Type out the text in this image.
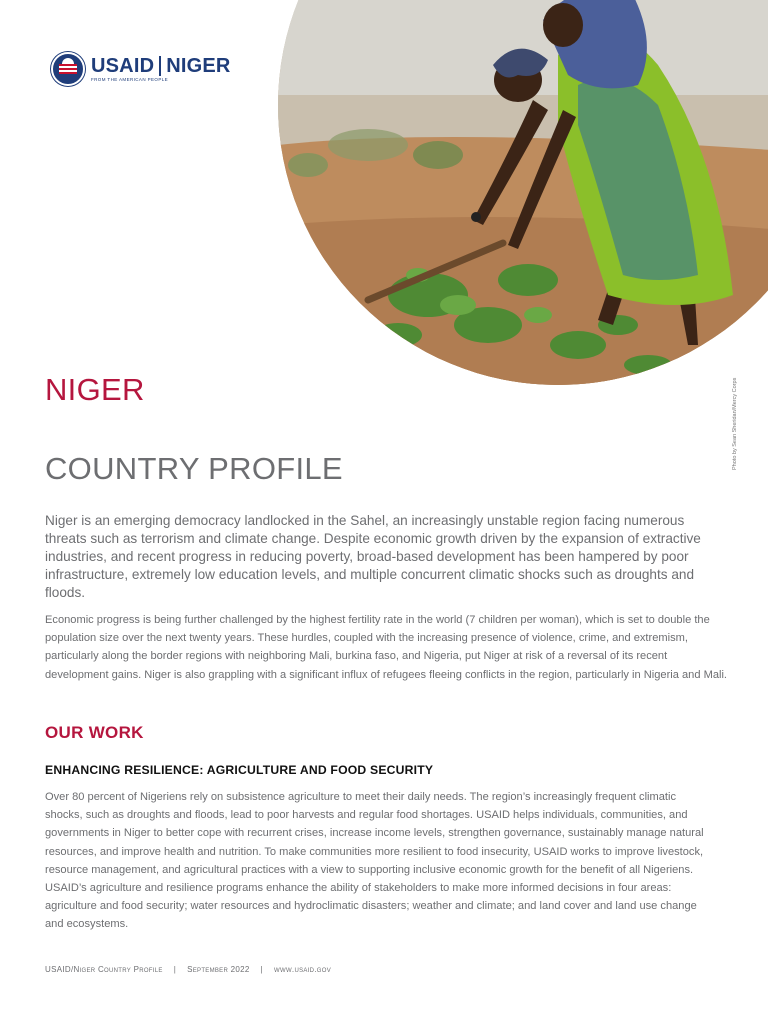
USAID NIGER
FROM THE AMERICAN PEOPLE
Photo by Sean Sheridan/Mercy Corps
NIGER
COUNTRY PROFILE
Niger is an emerging democracy landlocked in the Sahel, an increasingly unstable region facing numerous threats such as terrorism and climate change. Despite economic growth driven by the expansion of extractive industries, and recent progress in reducing poverty, broad-based development has been hampered by poor infrastructure, extremely low education levels, and multiple concurrent climatic shocks such as droughts and floods.
Economic progress is being further challenged by the highest fertility rate in the world (7 children per woman), which is set to double the population size over the next twenty years. These hurdles, coupled with the increasing presence of violence, crime, and extremism, particularly along the border regions with neighboring Mali, burkina faso, and Nigeria, put Niger at risk of a reversal of its recent development gains. Niger is also grappling with a significant influx of refugees fleeing conflicts in the region, particularly in Nigeria and Mali.
OUR WORK
ENHANCING RESILIENCE: AGRICULTURE AND FOOD SECURITY
Over 80 percent of Nigeriens rely on subsistence agriculture to meet their daily needs. The region’s increasingly frequent climatic shocks, such as droughts and floods, lead to poor harvests and regular food shortages. USAID helps individuals, communities, and governments in Niger to better cope with recurrent crises, increase income levels, strengthen governance, sustainably manage natural resources, and improve health and nutrition. To make communities more resilient to food insecurity, USAID works to improve livestock, resource management, and agricultural practices with a view to supporting inclusive economic growth for the benefit of all Nigeriens. USAID’s agriculture and resilience programs enhance the ability of stakeholders to make more informed decisions in four areas: agriculture and food security; water resources and hydroclimatic disasters; weather and climate; and land cover and land use change and ecosystems.
USAID/Niger Country Profile | September 2022 | www.usaid.gov
